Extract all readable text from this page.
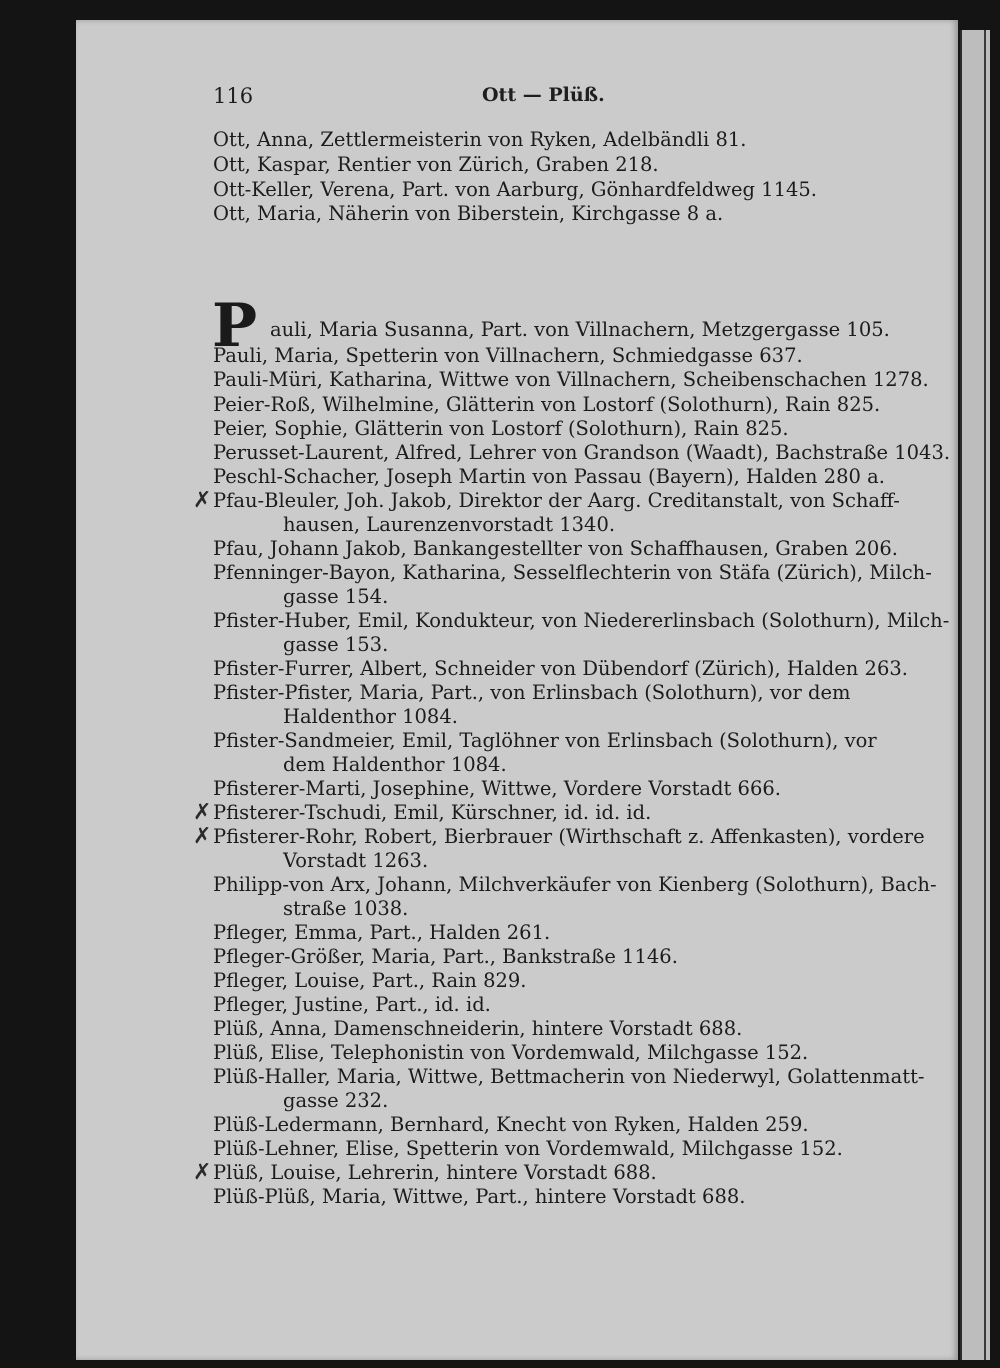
116	Ott — Plüß.
Ott, Anna, Zettlermeisterin von Ryken, Adelbändli 81.
Ott, Kaspar, Rentier von Zürich, Graben 218.
Ott-Keller, Verena, Part. von Aarburg, Gönhardfeldweg 1145.
Ott, Maria, Näherin von Biberstein, Kirchgasse 8 a.
P auli, Maria Susanna, Part. von Villnachern, Metzgergasse 105.
Pauli, Maria, Spetterin von Villnachern, Schmiedgasse 637.
Pauli-Müri, Katharina, Wittwe von Villnachern, Scheibenschachen 1278.
Peier-Roß, Wilhelmine, Glätterin von Lostorf (Solothurn), Rain 825.
Peier, Sophie, Glätterin von Lostorf (Solothurn), Rain 825.
Perusset-Laurent, Alfred, Lehrer von Grandson (Waadt), Bachstraße 1043.
Peschl-Schacher, Joseph Martin von Passau (Bayern), Halden 280 a.
✗ Pfau-Bleuler, Joh. Jakob, Direktor der Aarg. Creditanstalt, von Schaff-
hausen, Laurenzenvorstadt 1340.
Pfau, Johann Jakob, Bankangestellter von Schaffhausen, Graben 206.
Pfenninger-Bayon, Katharina, Sesselflechterin von Stäfa (Zürich), Milch-
gasse 154.
Pfister-Huber, Emil, Kondukteur, von Niedererlinsbach (Solothurn), Milch-
gasse 153.
Pfister-Furrer, Albert, Schneider von Dübendorf (Zürich), Halden 263.
Pfister-Pfister, Maria, Part., von Erlinsbach (Solothurn), vor dem
Haldenthor 1084.
Pfister-Sandmeier, Emil, Taglöhner von Erlinsbach (Solothurn), vor
dem Haldenthor 1084.
Pfisterer-Marti, Josephine, Wittwe, Vordere Vorstadt 666.
✗ Pfisterer-Tschudi, Emil, Kürschner, id. id. id.
✗ Pfisterer-Rohr, Robert, Bierbrauer (Wirthschaft z. Affenkasten), vordere
Vorstadt 1263.
Philipp-von Arx, Johann, Milchverkäufer von Kienberg (Solothurn), Bach-
straße 1038.
Pfleger, Emma, Part., Halden 261.
Pfleger-Größer, Maria, Part., Bankstraße 1146.
Pfleger, Louise, Part., Rain 829.
Pfleger, Justine, Part., id. id.
Plüß, Anna, Damenschneiderin, hintere Vorstadt 688.
Plüß, Elise, Telephonistin von Vordemwald, Milchgasse 152.
Plüß-Haller, Maria, Wittwe, Bettmacherin von Niederwyl, Golattenmatt-
gasse 232.
Plüß-Ledermann, Bernhard, Knecht von Ryken, Halden 259.
Plüß-Lehner, Elise, Spetterin von Vordemwald, Milchgasse 152.
✗ Plüß, Louise, Lehrerin, hintere Vorstadt 688.
Plüß-Plüß, Maria, Wittwe, Part., hintere Vorstadt 688.
